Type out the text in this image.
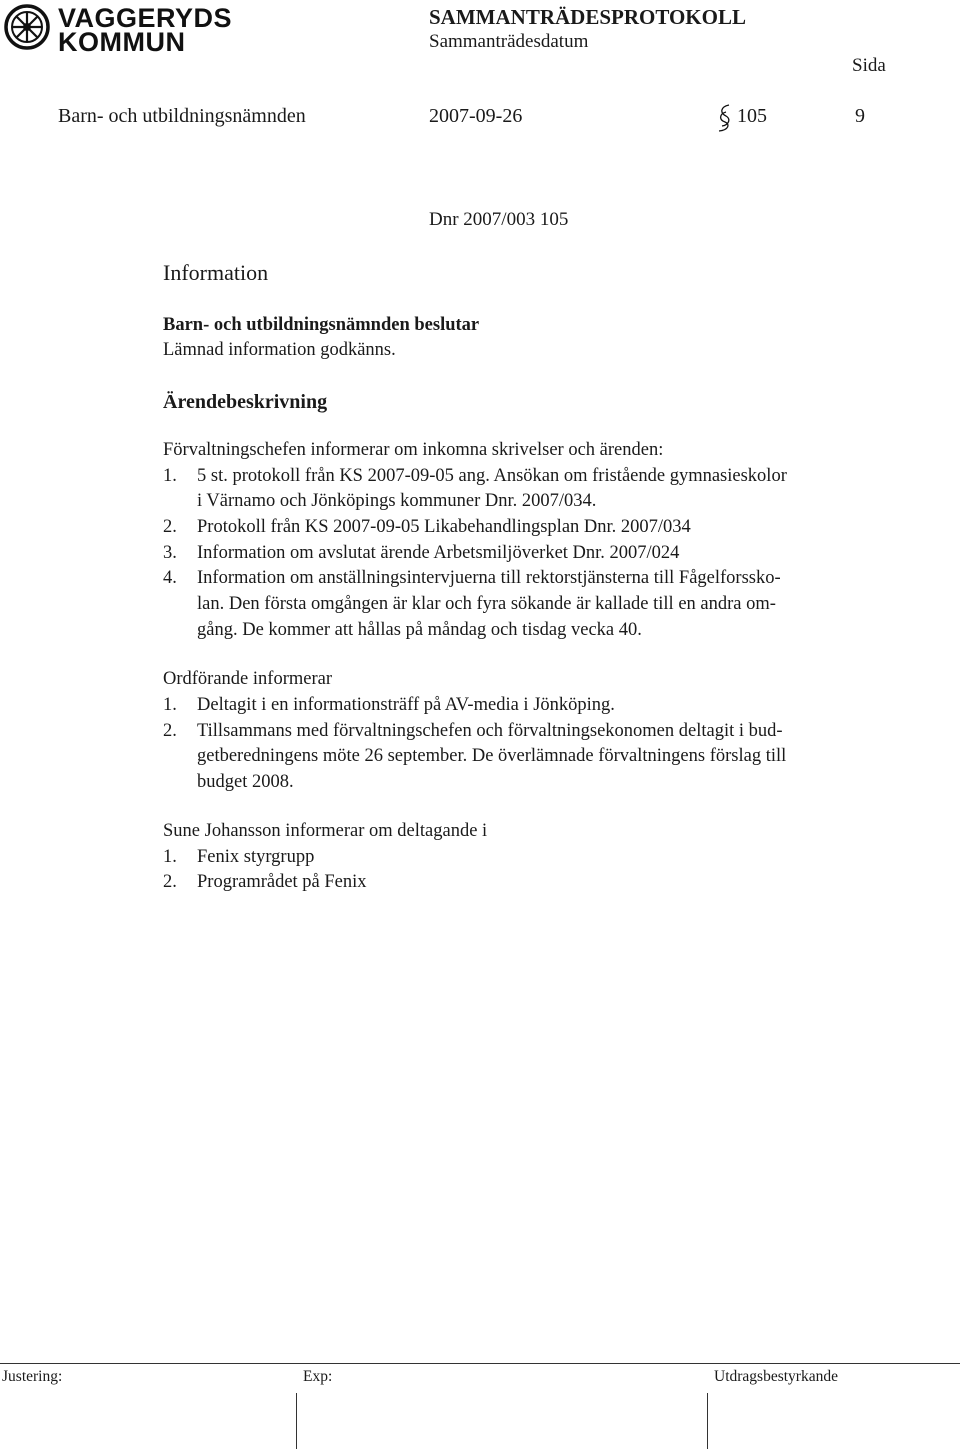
VAGGERYDS
KOMMUN
SAMMANTRÄDESPROTOKOLL
Sammanträdesdatum
Sida
Barn- och utbildningsnämnden	2007-09-26	105	9
Dnr 2007/003 105
Information
Barn- och utbildningsnämnden beslutar
Lämnad information godkänns.
Ärendebeskrivning
Förvaltningschefen informerar om inkomna skrivelser och ärenden:
1. 5 st. protokoll från KS 2007-09-05 ang. Ansökan om fristående gymnasieskolor
i Värnamo och Jönköpings kommuner Dnr. 2007/034.
2. Protokoll från KS 2007-09-05 Likabehandlingsplan Dnr. 2007/034
3. Information om avslutat ärende Arbetsmiljöverket Dnr. 2007/024
4. Information om anställningsintervjuerna till rektorstjänsterna till Fågelforssko-
lan. Den första omgången är klar och fyra sökande är kallade till en andra om-
gång. De kommer att hållas på måndag och tisdag vecka 40.
Ordförande informerar
1. Deltagit i en informationsträff på AV-media i Jönköping.
2. Tillsammans med förvaltningschefen och förvaltningsekonomen deltagit i bud-
getberedningens möte 26 september. De överlämnade förvaltningens förslag till
budget 2008.
Sune Johansson informerar om deltagande i
1. Fenix styrgrupp
2. Programrådet på Fenix
Justering:	Exp:	Utdragsbestyrkande
